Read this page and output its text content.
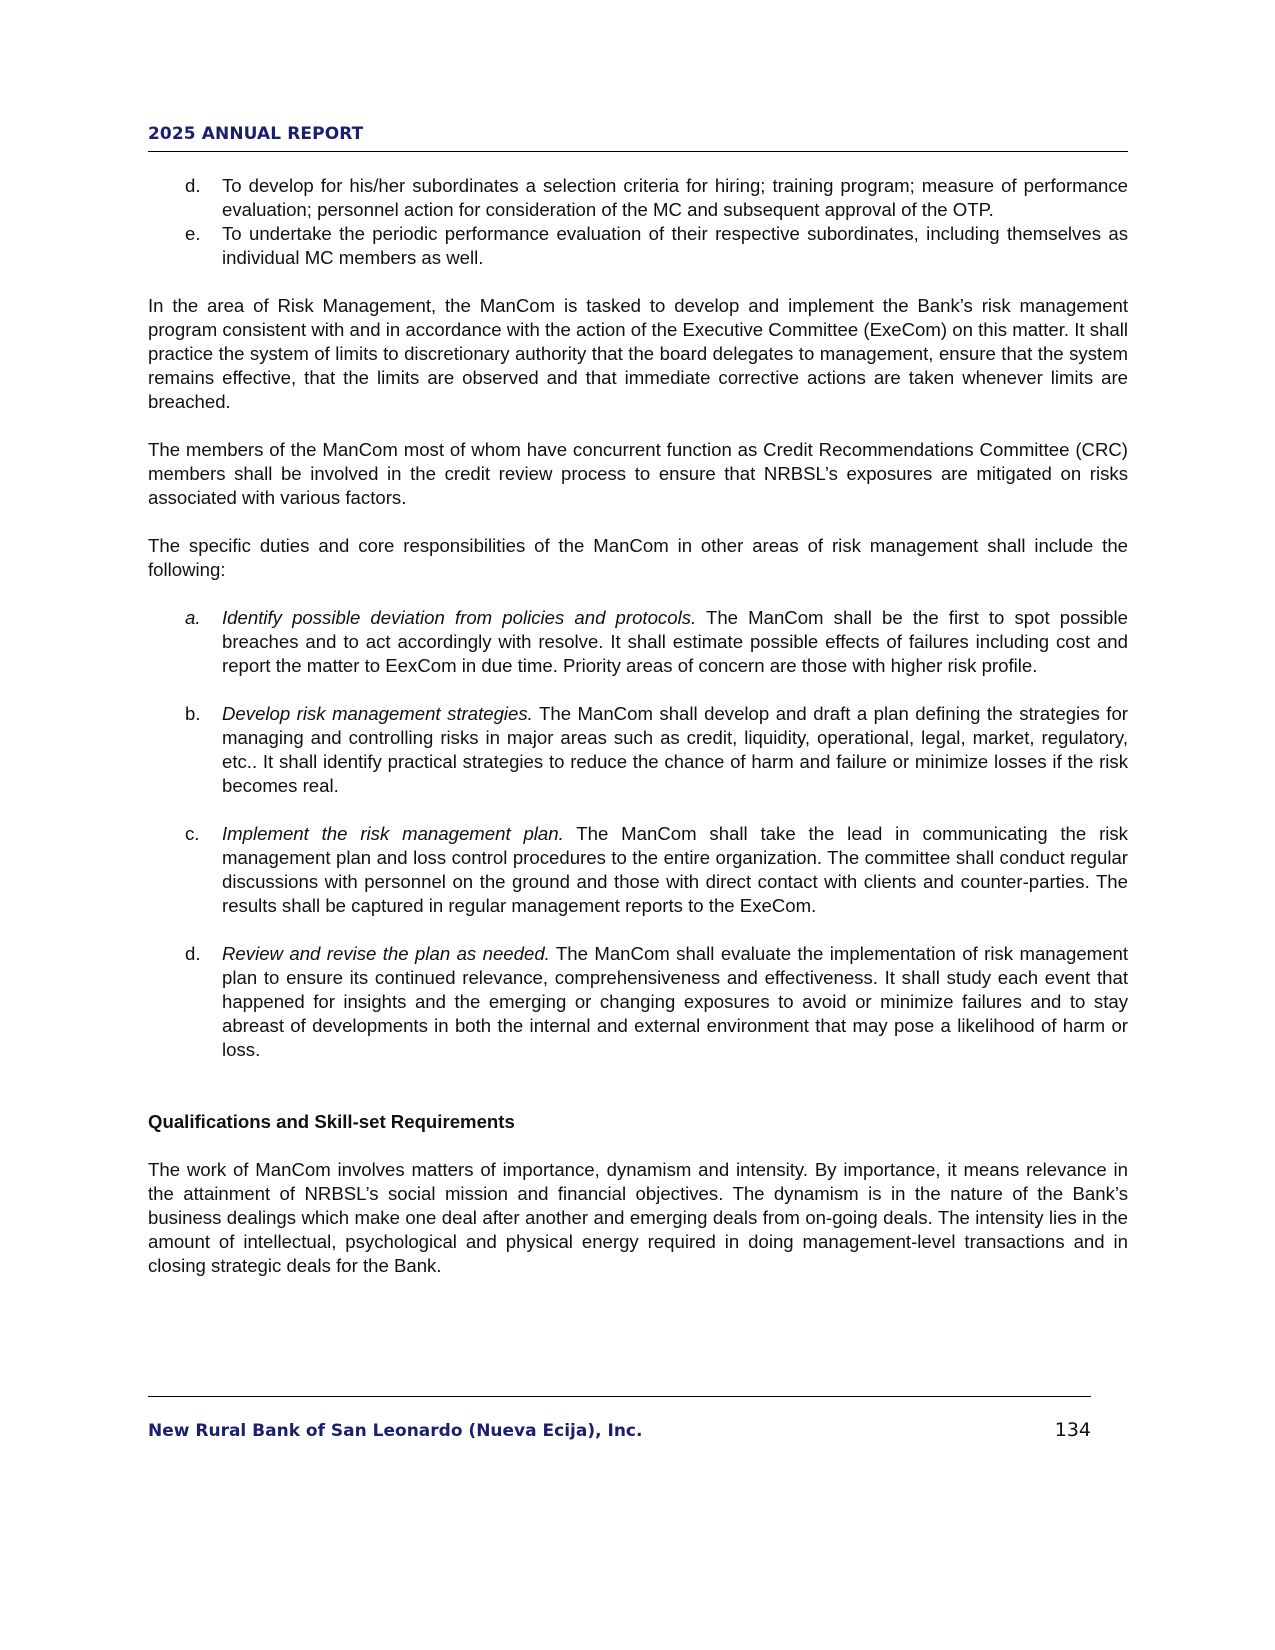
2025 ANNUAL REPORT
d. To develop for his/her subordinates a selection criteria for hiring; training program; measure of performance evaluation; personnel action for consideration of the MC and subsequent approval of the OTP.
e. To undertake the periodic performance evaluation of their respective subordinates, including themselves as individual MC members as well.

In the area of Risk Management, the ManCom is tasked to develop and implement the Bank’s risk management program consistent with and in accordance with the action of the Executive Committee (ExeCom) on this matter. It shall practice the system of limits to discretionary authority that the board delegates to management, ensure that the system remains effective, that the limits are observed and that immediate corrective actions are taken whenever limits are breached.

The members of the ManCom most of whom have concurrent function as Credit Recommendations Committee (CRC) members shall be involved in the credit review process to ensure that NRBSL’s exposures are mitigated on risks associated with various factors.

The specific duties and core responsibilities of the ManCom in other areas of risk management shall include the following:

a. Identify possible deviation from policies and protocols. The ManCom shall be the first to spot possible breaches and to act accordingly with resolve. It shall estimate possible effects of failures including cost and report the matter to EexCom in due time. Priority areas of concern are those with higher risk profile.
b. Develop risk management strategies. The ManCom shall develop and draft a plan defining the strategies for managing and controlling risks in major areas such as credit, liquidity, operational, legal, market, regulatory, etc.. It shall identify practical strategies to reduce the chance of harm and failure or minimize losses if the risk becomes real.
c. Implement the risk management plan. The ManCom shall take the lead in communicating the risk management plan and loss control procedures to the entire organization. The committee shall conduct regular discussions with personnel on the ground and those with direct contact with clients and counter-parties. The results shall be captured in regular management reports to the ExeCom.
d. Review and revise the plan as needed. The ManCom shall evaluate the implementation of risk management plan to ensure its continued relevance, comprehensiveness and effectiveness. It shall study each event that happened for insights and the emerging or changing exposures to avoid or minimize failures and to stay abreast of developments in both the internal and external environment that may pose a likelihood of harm or loss.
Qualifications and Skill-set Requirements

The work of ManCom involves matters of importance, dynamism and intensity. By importance, it means relevance in the attainment of NRBSL’s social mission and financial objectives. The dynamism is in the nature of the Bank’s business dealings which make one deal after another and emerging deals from on-going deals. The intensity lies in the amount of intellectual, psychological and physical energy required in doing management-level transactions and in closing strategic deals for the Bank.

New Rural Bank of San Leonardo (Nueva Ecija), Inc.	134
